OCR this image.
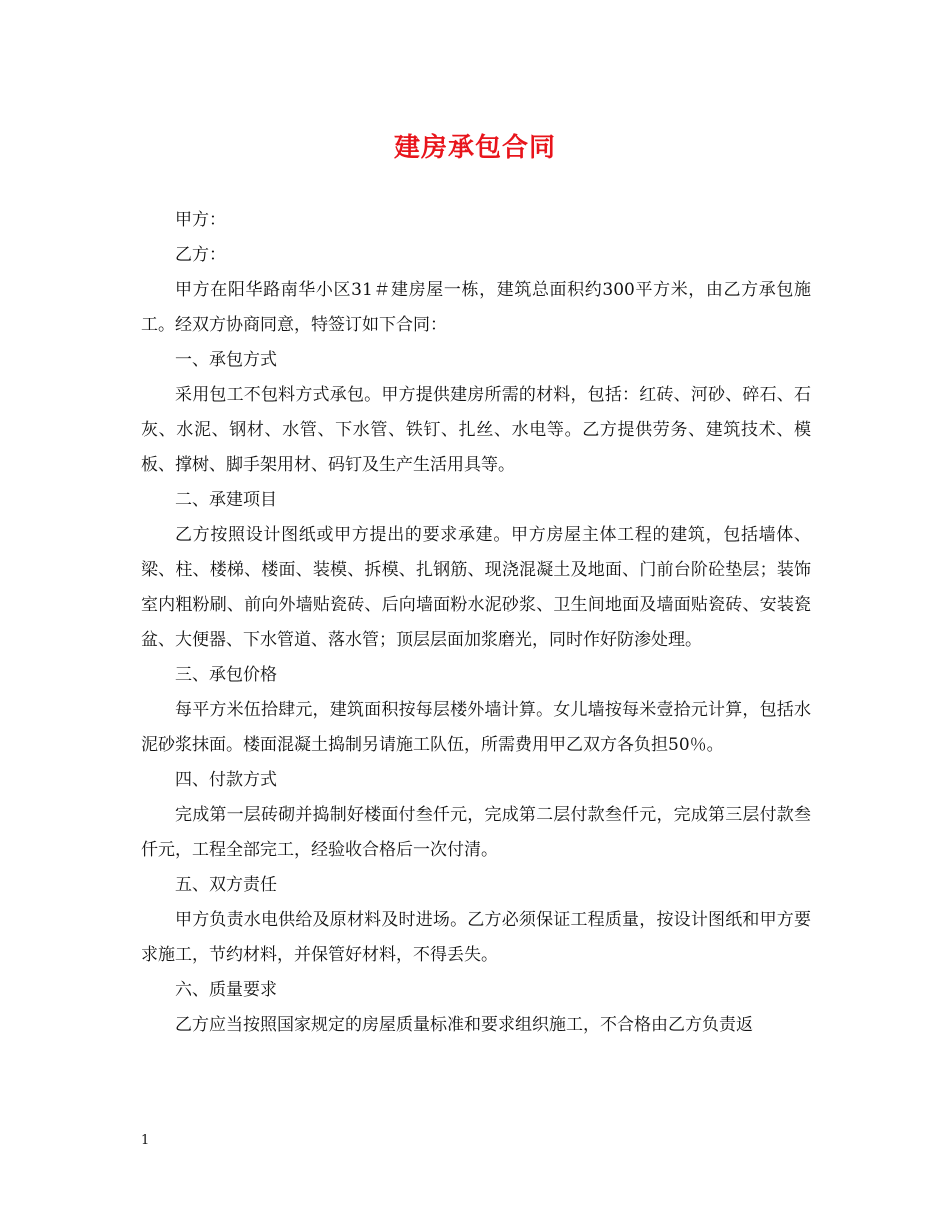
建房承包合同

甲方：

乙方：

甲方在阳华路南华小区31＃建房屋一栋，建筑总面积约300平方米，由乙方承包施工。经双方协商同意，特签订如下合同：

一、承包方式

采用包工不包料方式承包。甲方提供建房所需的材料，包括：红砖、河砂、碎石、石灰、水泥、钢材、水管、下水管、铁钉、扎丝、水电等。乙方提供劳务、建筑技术、模板、撑树、脚手架用材、码钉及生产生活用具等。

二、承建项目

乙方按照设计图纸或甲方提出的要求承建。甲方房屋主体工程的建筑，包括墙体、梁、柱、楼梯、楼面、装模、拆模、扎钢筋、现浇混凝土及地面、门前台阶砼垫层；装饰室内粗粉刷、前向外墙贴瓷砖、后向墙面粉水泥砂浆、卫生间地面及墙面贴瓷砖、安装瓷盆、大便器、下水管道、落水管；顶层层面加浆磨光，同时作好防渗处理。

三、承包价格

每平方米伍拾肆元，建筑面积按每层楼外墙计算。女儿墙按每米壹拾元计算，包括水泥砂浆抹面。楼面混凝土捣制另请施工队伍，所需费用甲乙双方各负担50％。

四、付款方式

完成第一层砖砌并捣制好楼面付叁仟元，完成第二层付款叁仟元，完成第三层付款叁仟元，工程全部完工，经验收合格后一次付清。

五、双方责任

甲方负责水电供给及原材料及时进场。乙方必须保证工程质量，按设计图纸和甲方要求施工，节约材料，并保管好材料，不得丢失。

六、质量要求

乙方应当按照国家规定的房屋质量标准和要求组织施工，不合格由乙方负责返

1
